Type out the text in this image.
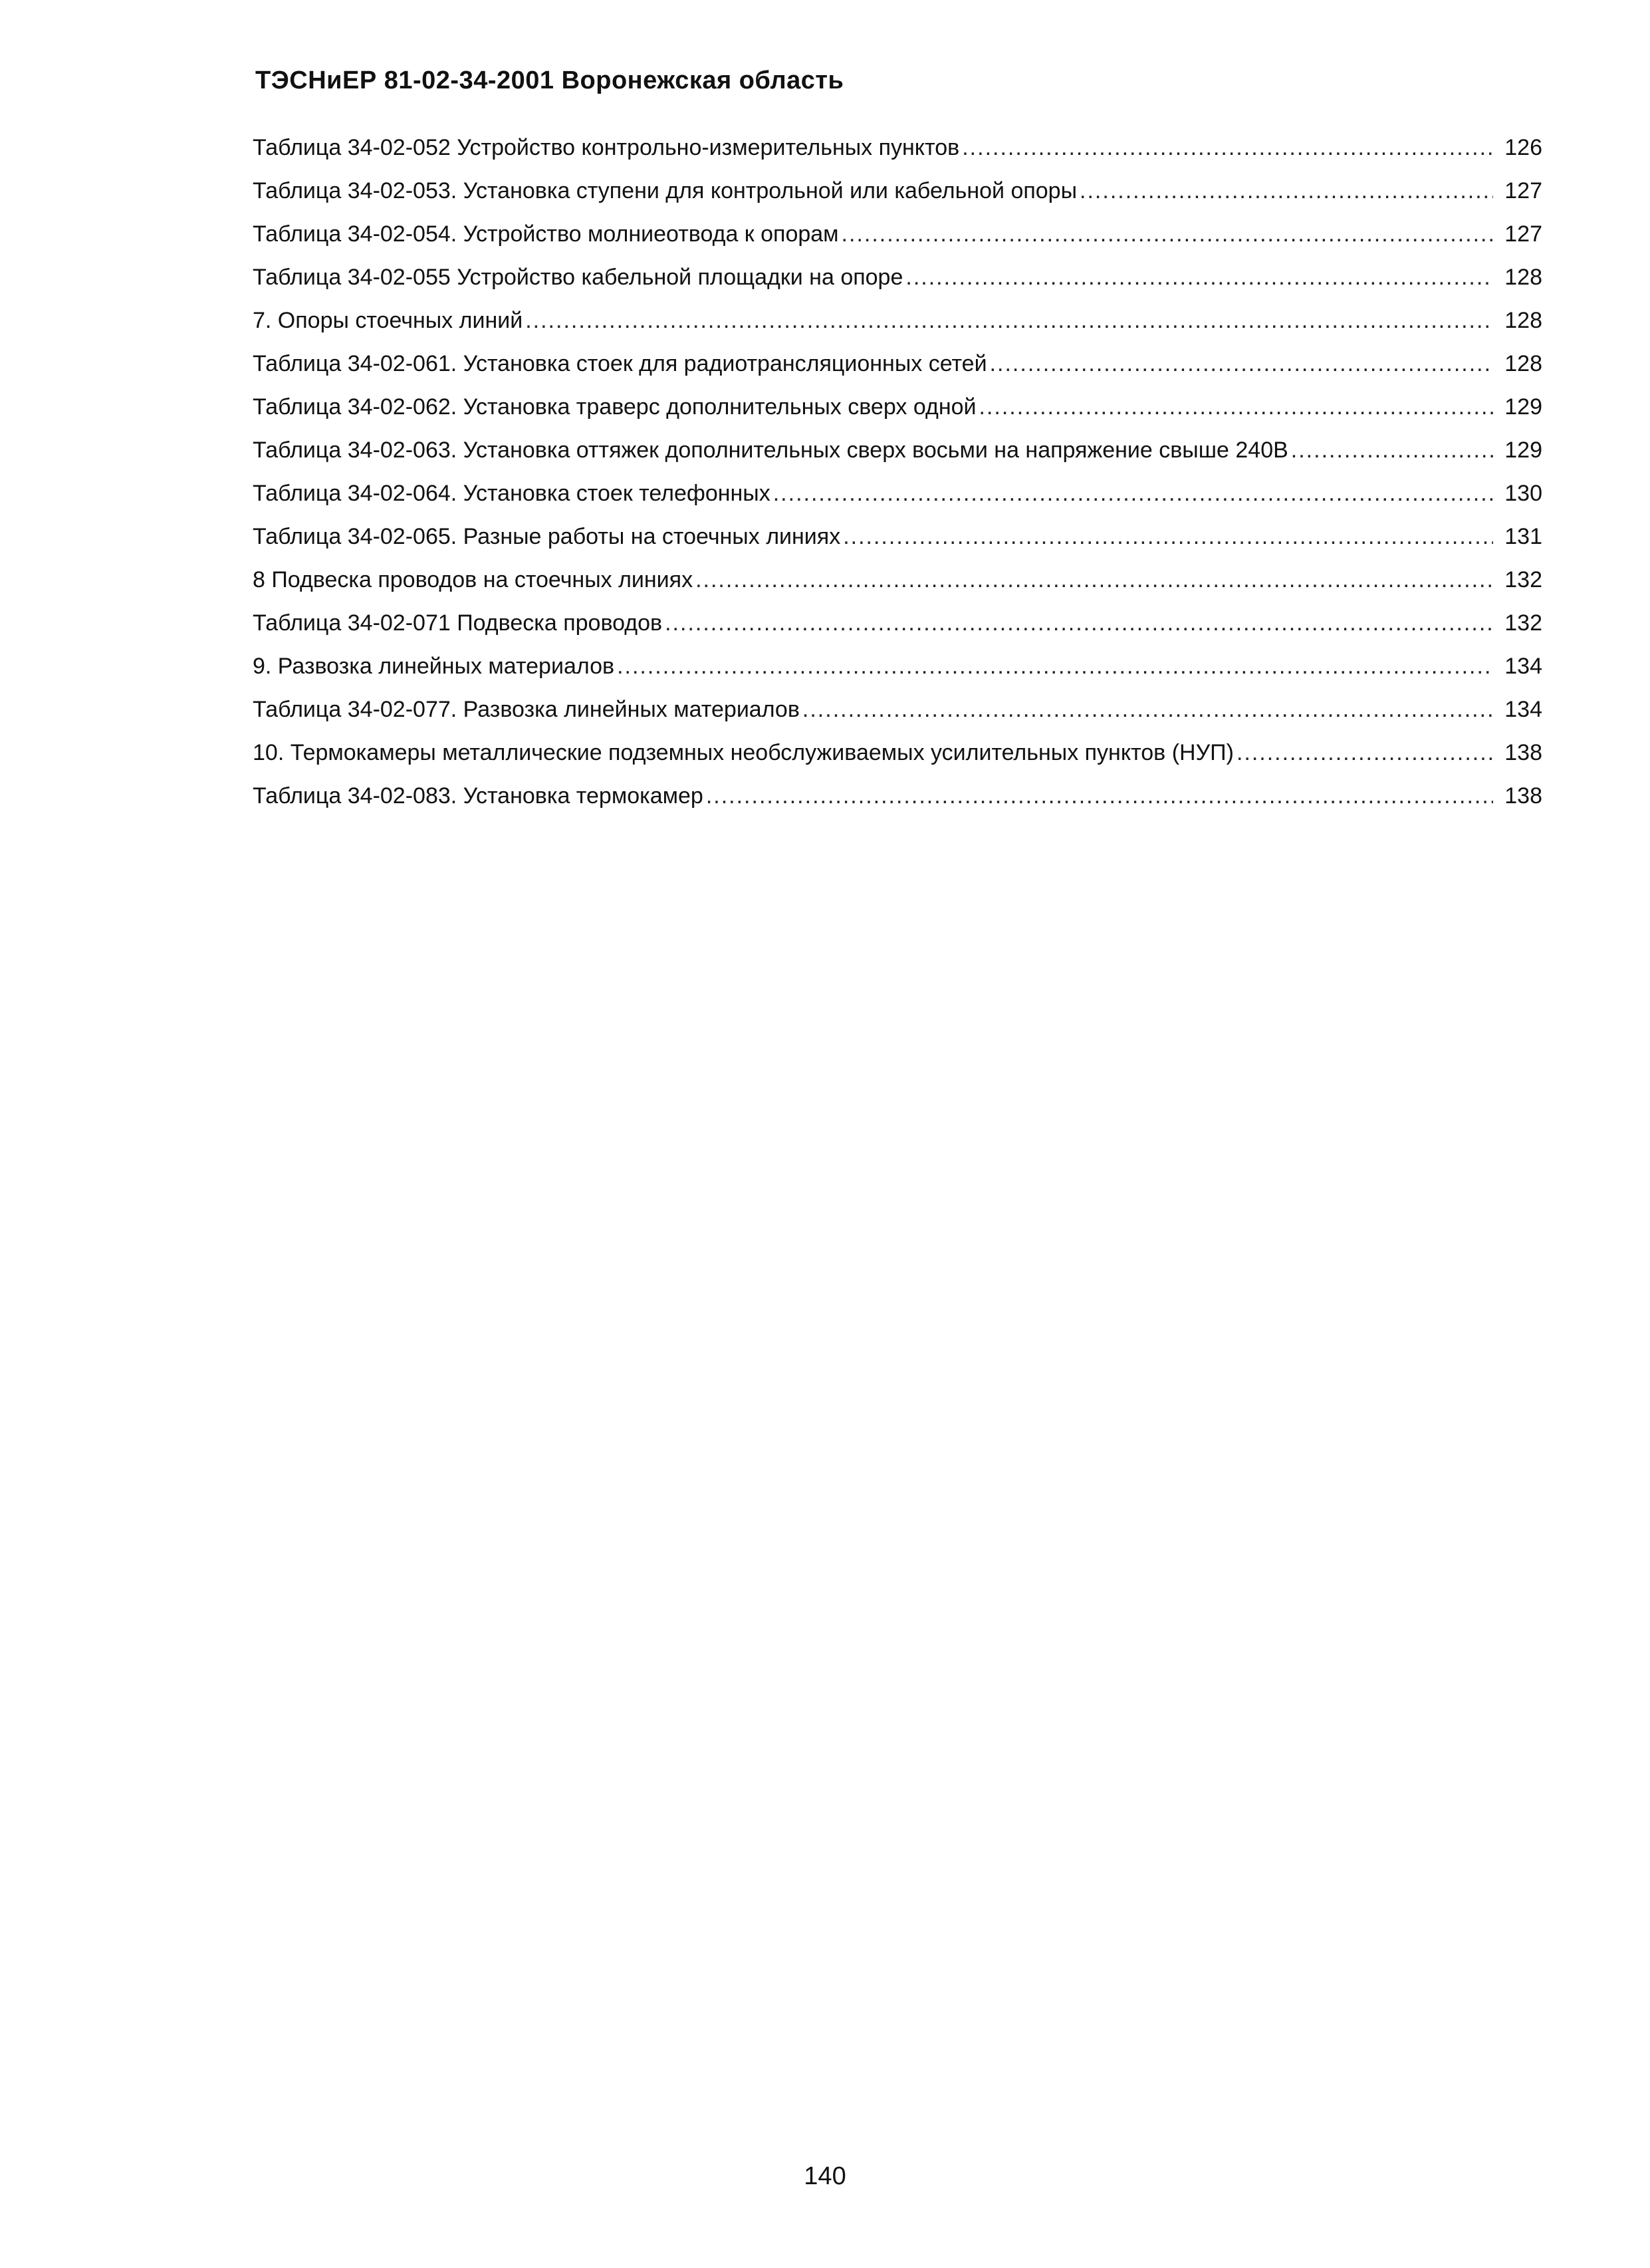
ТЭСНиЕР 81-02-34-2001 Воронежская область
Таблица 34-02-052 Устройство контрольно-измерительных пунктов .....	126
Таблица 34-02-053. Установка ступени для контрольной или кабельной опоры .....	127
Таблица 34-02-054. Устройство молниеотвода к опорам .....	127
Таблица 34-02-055 Устройство кабельной площадки на опоре .....	128
7. Опоры стоечных линий .....	128
Таблица 34-02-061. Установка стоек для радиотрансляционных сетей .....	128
Таблица 34-02-062. Установка траверс дополнительных сверх одной .....	129
Таблица 34-02-063. Установка оттяжек дополнительных сверх восьми на напряжение свыше 240В .....	129
Таблица 34-02-064. Установка стоек телефонных .....	130
Таблица 34-02-065. Разные работы на стоечных линиях .....	131
8 Подвеска проводов на стоечных линиях .....	132
Таблица 34-02-071 Подвеска проводов .....	132
9. Развозка линейных материалов .....	134
Таблица 34-02-077. Развозка линейных материалов .....	134
10. Термокамеры металлические подземных необслуживаемых усилительных пунктов (НУП) .....	138
Таблица 34-02-083. Установка термокамер .....	138
140
